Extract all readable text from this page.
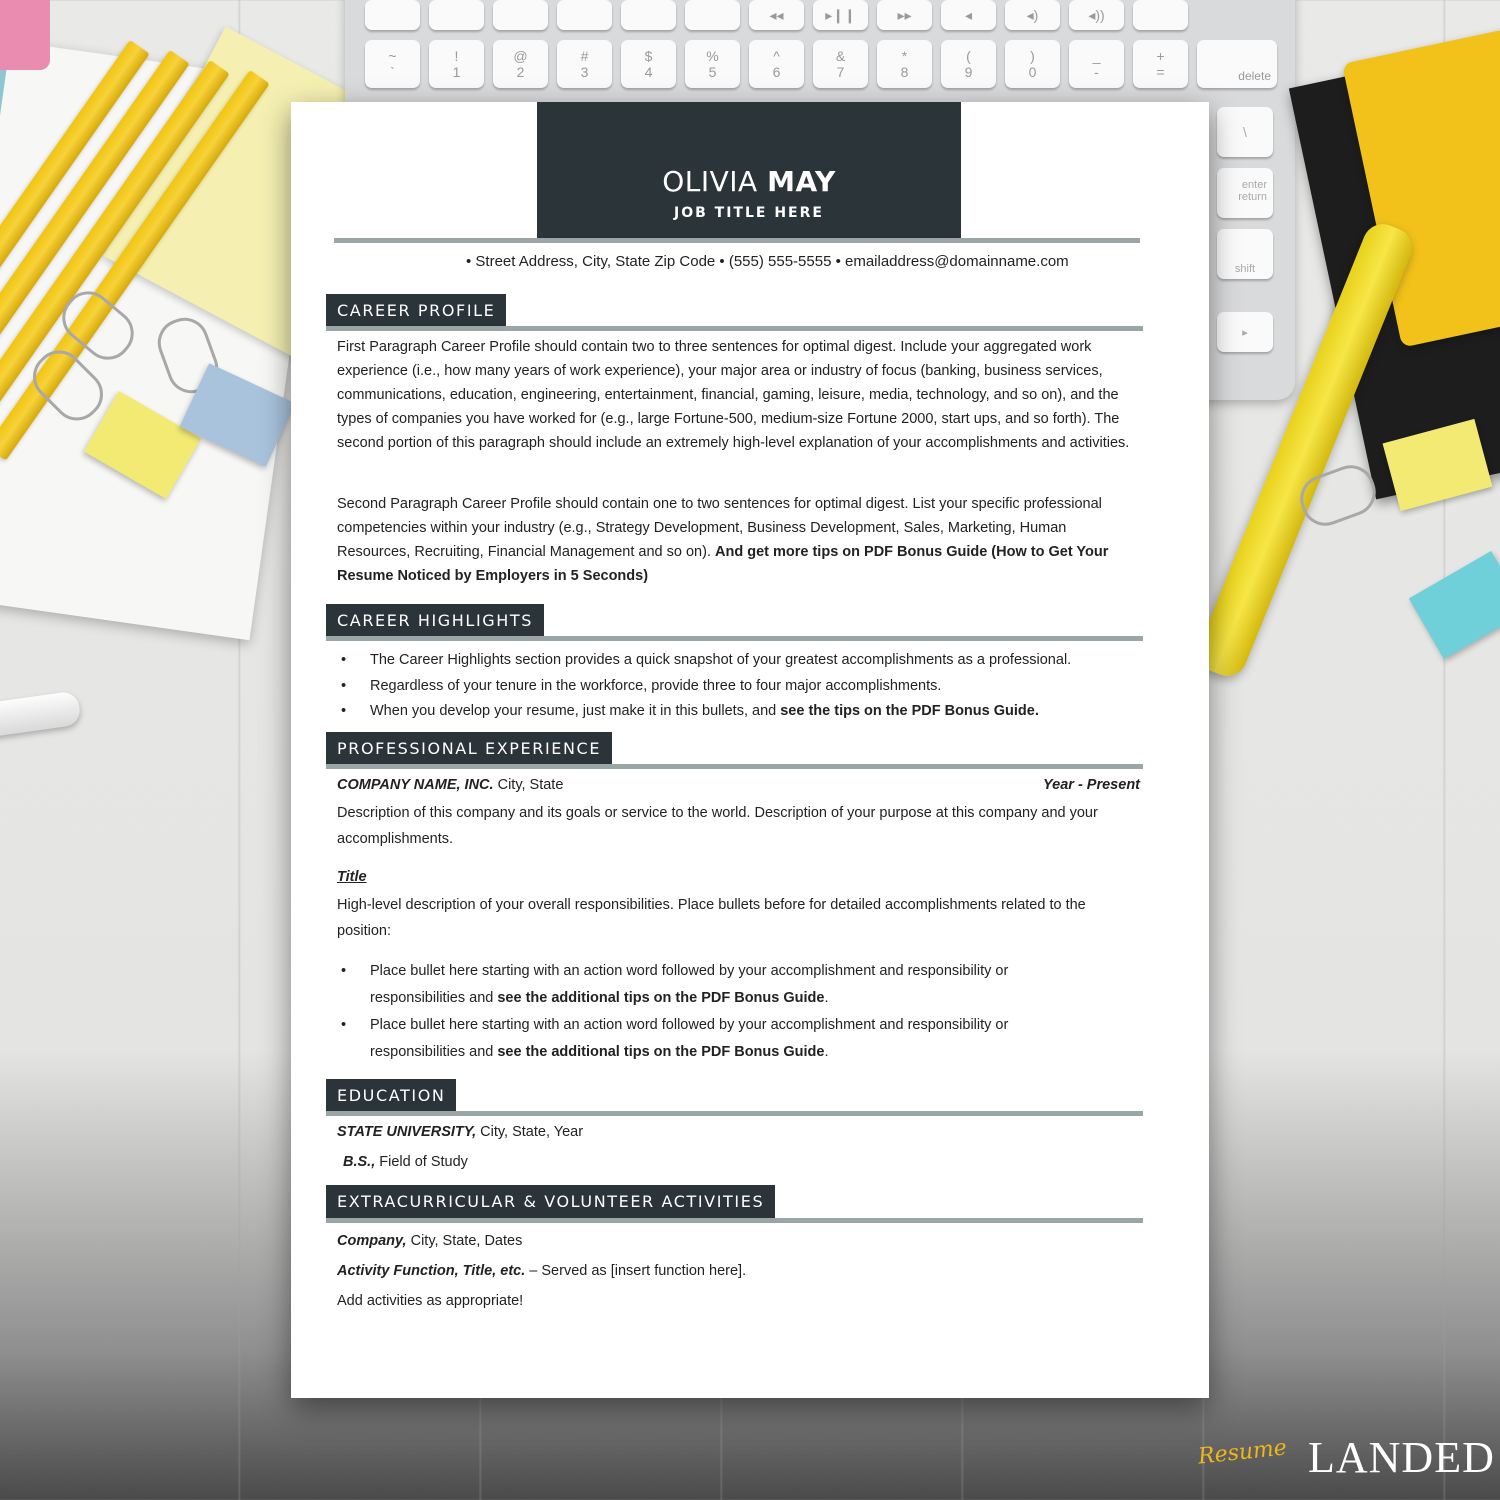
◂◂	▸❙❙	▸▸	◂	◂)	◂))
~
`
!
1
@
2
#
3
$
4
%
5
^
6
&
7
*
8
(
9
)
0
_
-
+
=	delete
\
enter
return
shift
▸
OLIVIA MAY
JOB TITLE HERE
• Street Address, City, State Zip Code • (555) 555-5555 • emailaddress@domainname.com
CAREER PROFILE
First Paragraph Career Profile should contain two to three sentences for optimal digest. Include your aggregated work experience (i.e., how many years of work experience), your major area or industry of focus (banking, business services, communications, education, engineering, entertainment, financial, gaming, leisure, media, technology, and so on), and the types of companies you have worked for (e.g., large Fortune-500, medium-size Fortune 2000, start ups, and so forth). The second portion of this paragraph should include an extremely high-level explanation of your accomplishments and activities.
Second Paragraph Career Profile should contain one to two sentences for optimal digest. List your specific professional competencies within your industry (e.g., Strategy Development, Business Development, Sales, Marketing, Human Resources, Recruiting, Financial Management and so on). And get more tips on PDF Bonus Guide (How to Get Your Resume Noticed by Employers in 5 Seconds)
CAREER HIGHLIGHTS
• The Career Highlights section provides a quick snapshot of your greatest accomplishments as a professional.
• Regardless of your tenure in the workforce, provide three to four major accomplishments.
• When you develop your resume, just make it in this bullets, and see the tips on the PDF Bonus Guide.
PROFESSIONAL EXPERIENCE
COMPANY NAME, INC. City, State	Year - Present
Description of this company and its goals or service to the world. Description of your purpose at this company and your accomplishments.
Title
High-level description of your overall responsibilities. Place bullets before for detailed accomplishments related to the position:
• Place bullet here starting with an action word followed by your accomplishment and responsibility or responsibilities and see the additional tips on the PDF Bonus Guide.
• Place bullet here starting with an action word followed by your accomplishment and responsibility or responsibilities and see the additional tips on the PDF Bonus Guide.
EDUCATION
STATE UNIVERSITY, City, State, Year
B.S., Field of Study
EXTRACURRICULAR & VOLUNTEER ACTIVITIES
Company, City, State, Dates
Activity Function, Title, etc. – Served as [insert function here].
Add activities as appropriate!
Resume LANDED
